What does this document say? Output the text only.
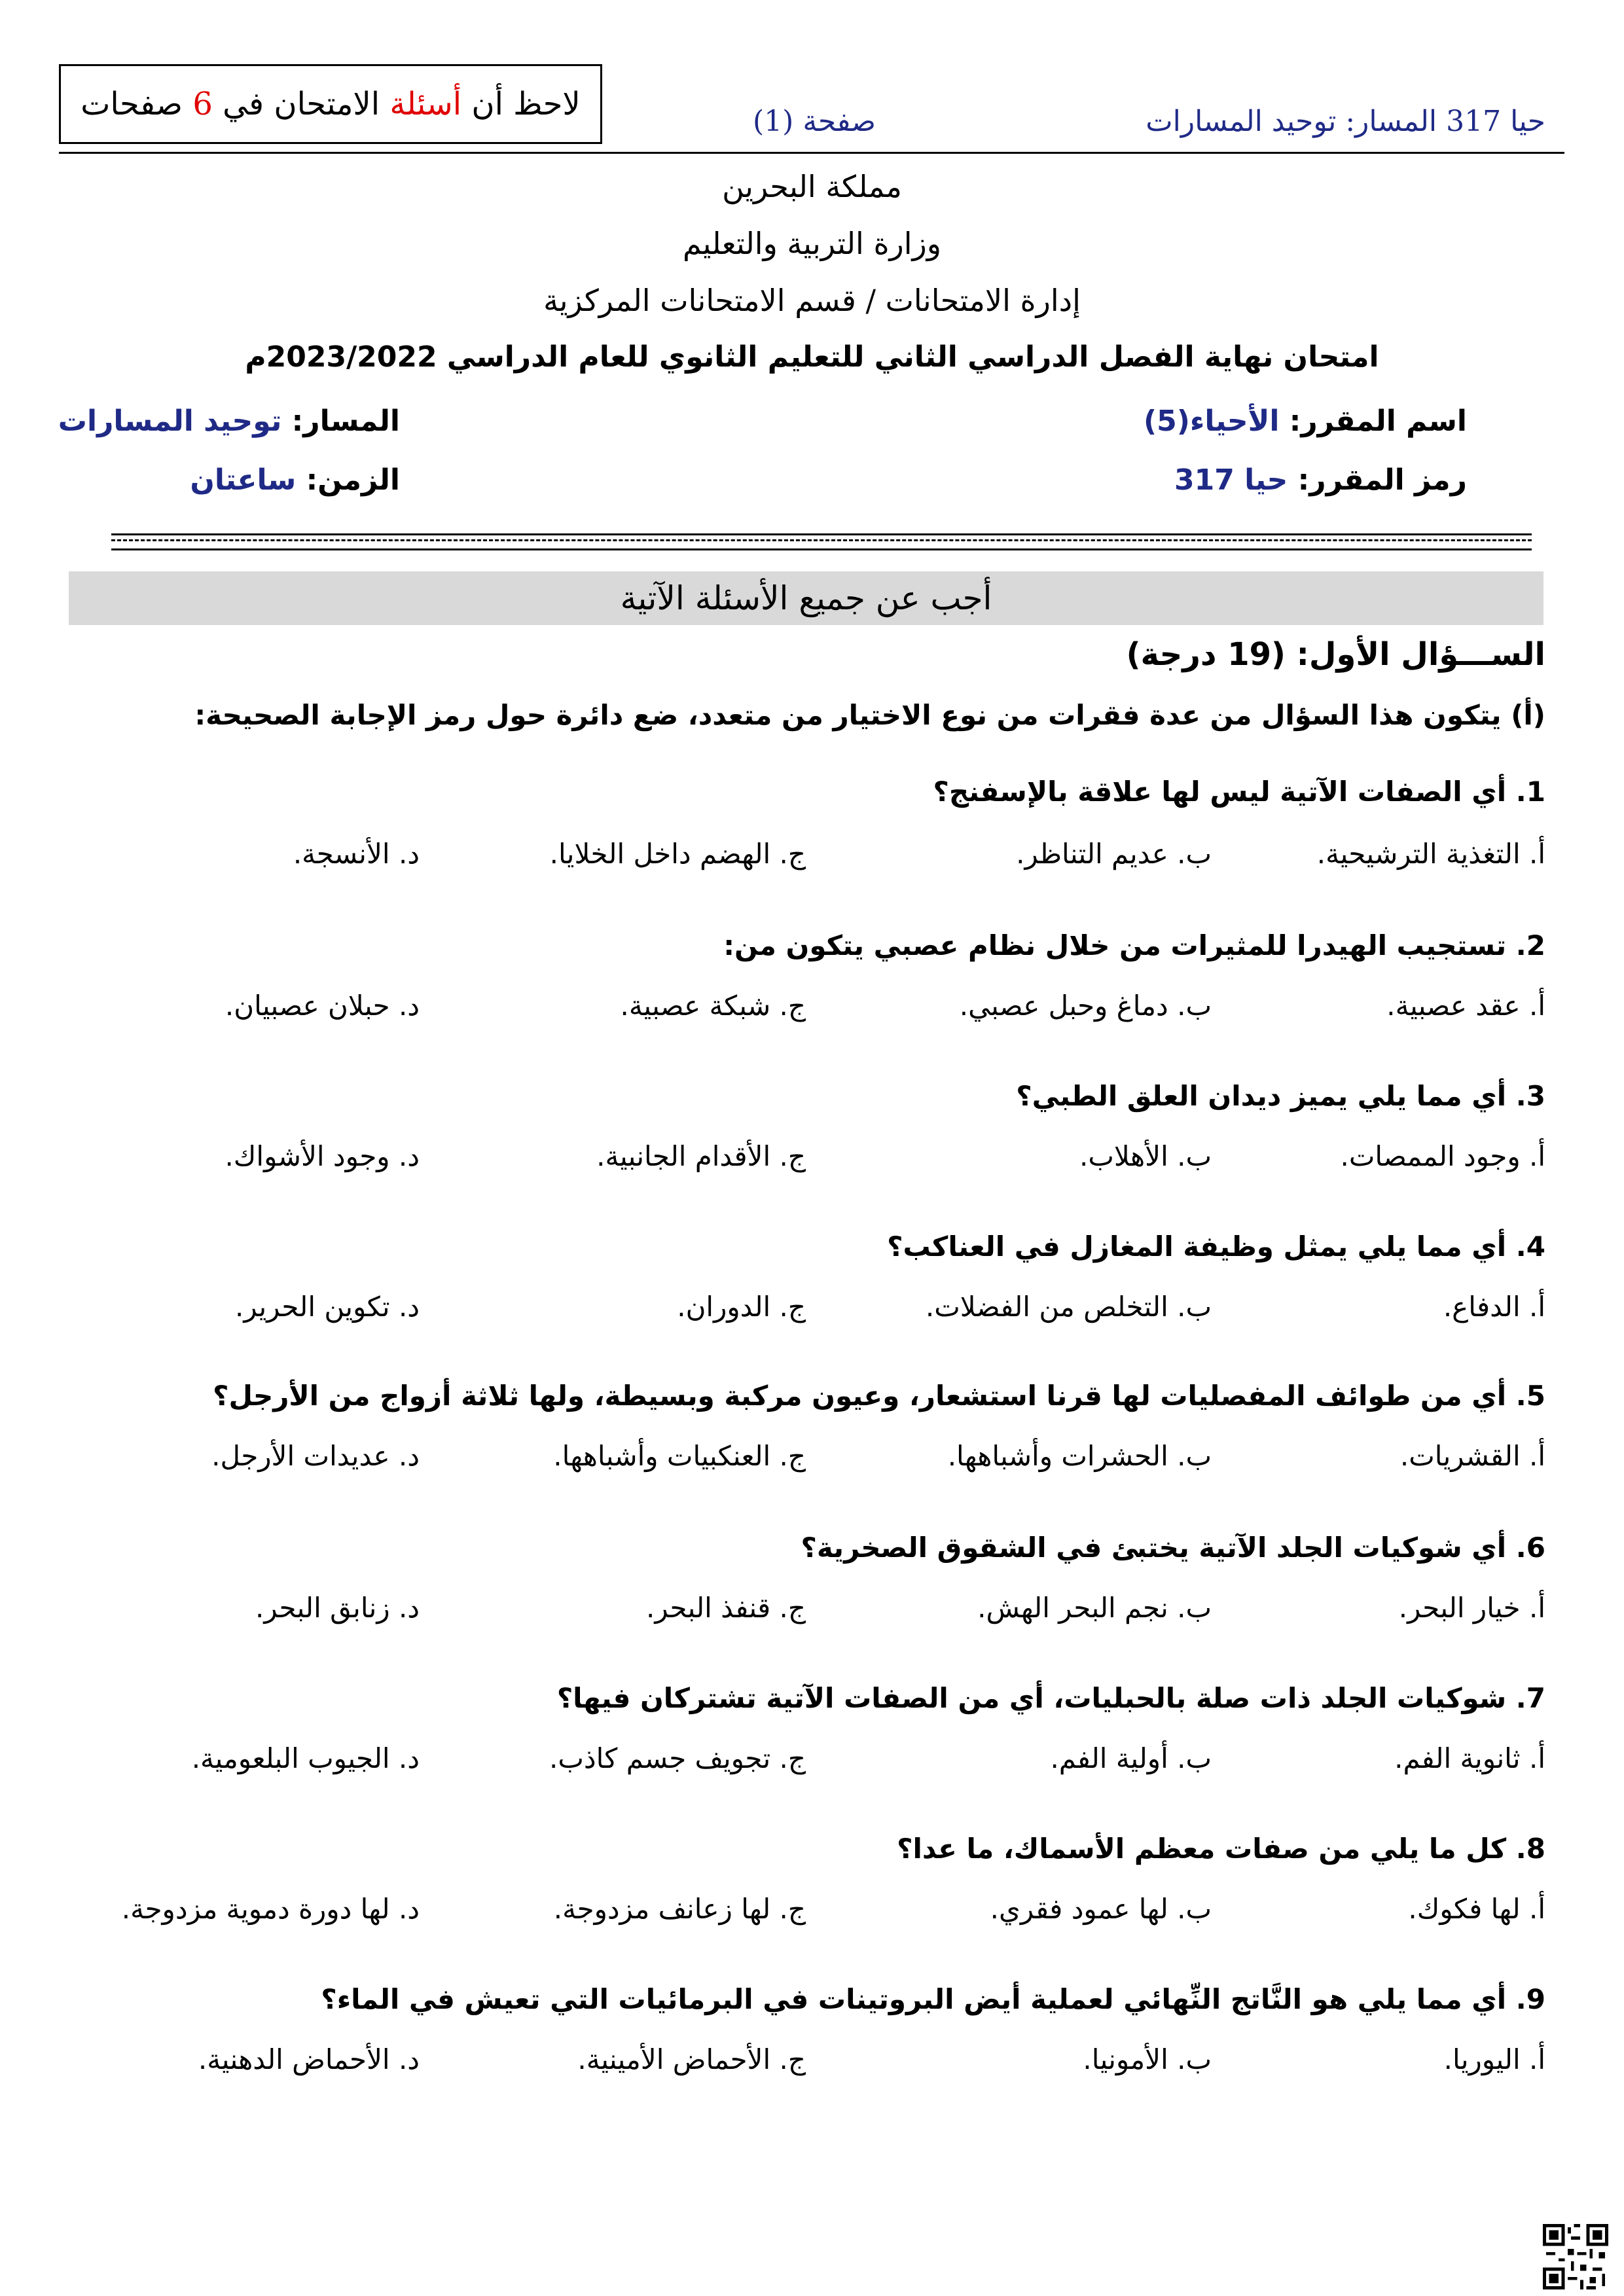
لاحظ أن

أسئلة

الامتحان في

6

صفحات	صفحة (1)	حيا 317 المسار: توحيد المسارات
مملكة البحرين
وزارة التربية والتعليم
إدارة الامتحانات / قسم الامتحانات المركزية
امتحان نهاية الفصل الدراسي الثاني للتعليم الثانوي للعام الدراسي 2023/2022م
اسم المقرر: الأحياء(5)
رمز المقرر: حيا 317
المسار: توحيد المسارات
الزمن: ساعتان
أجب عن جميع الأسئلة الآتية
الســـؤال الأول: (19 درجة)
(أ) يتكون هذا السؤال من عدة فقرات من نوع الاختيار من متعدد، ضع دائرة حول رمز الإجابة الصحيحة:
1. أي الصفات الآتية ليس لها علاقة بالإسفنج؟
أ. التغذية الترشيحية.
ب. عديم التناظر.
ج. الهضم داخل الخلايا.
د. الأنسجة.
2. تستجيب الهيدرا للمثيرات من خلال نظام عصبي يتكون من:
أ. عقد عصبية.
ب. دماغ وحبل عصبي.
ج. شبكة عصبية.
د. حبلان عصبيان.
3. أي مما يلي يميز ديدان العلق الطبي؟
أ. وجود الممصات.
ب. الأهلاب.
ج. الأقدام الجانبية.
د. وجود الأشواك.
4. أي مما يلي يمثل وظيفة المغازل في العناكب؟
أ. الدفاع.
ب. التخلص من الفضلات.
ج. الدوران.
د. تكوين الحرير.
5. أي من طوائف المفصليات لها قرنا استشعار، وعيون مركبة وبسيطة، ولها ثلاثة أزواج من الأرجل؟
أ. القشريات.
ب. الحشرات وأشباهها.
ج. العنكبيات وأشباهها.
د. عديدات الأرجل.
6. أي شوكيات الجلد الآتية يختبئ في الشقوق الصخرية؟
أ. خيار البحر.
ب. نجم البحر الهش.
ج. قنفذ البحر.
د. زنابق البحر.
7. شوكيات الجلد ذات صلة بالحبليات، أي من الصفات الآتية تشتركان فيها؟
أ. ثانوية الفم.
ب. أولية الفم.
ج. تجويف جسم كاذب.
د. الجيوب البلعومية.
8. كل ما يلي من صفات معظم الأسماك، ما عدا؟
أ. لها فكوك.
ب. لها عمود فقري.
ج. لها زعانف مزدوجة.
د. لها دورة دموية مزدوجة.
9. أي مما يلي هو النَّاتج النِّهائي لعملية أيض البروتينات في البرمائيات التي تعيش في الماء؟
أ. اليوريا.
ب. الأمونيا.
ج. الأحماض الأمينية.
د. الأحماض الدهنية.
